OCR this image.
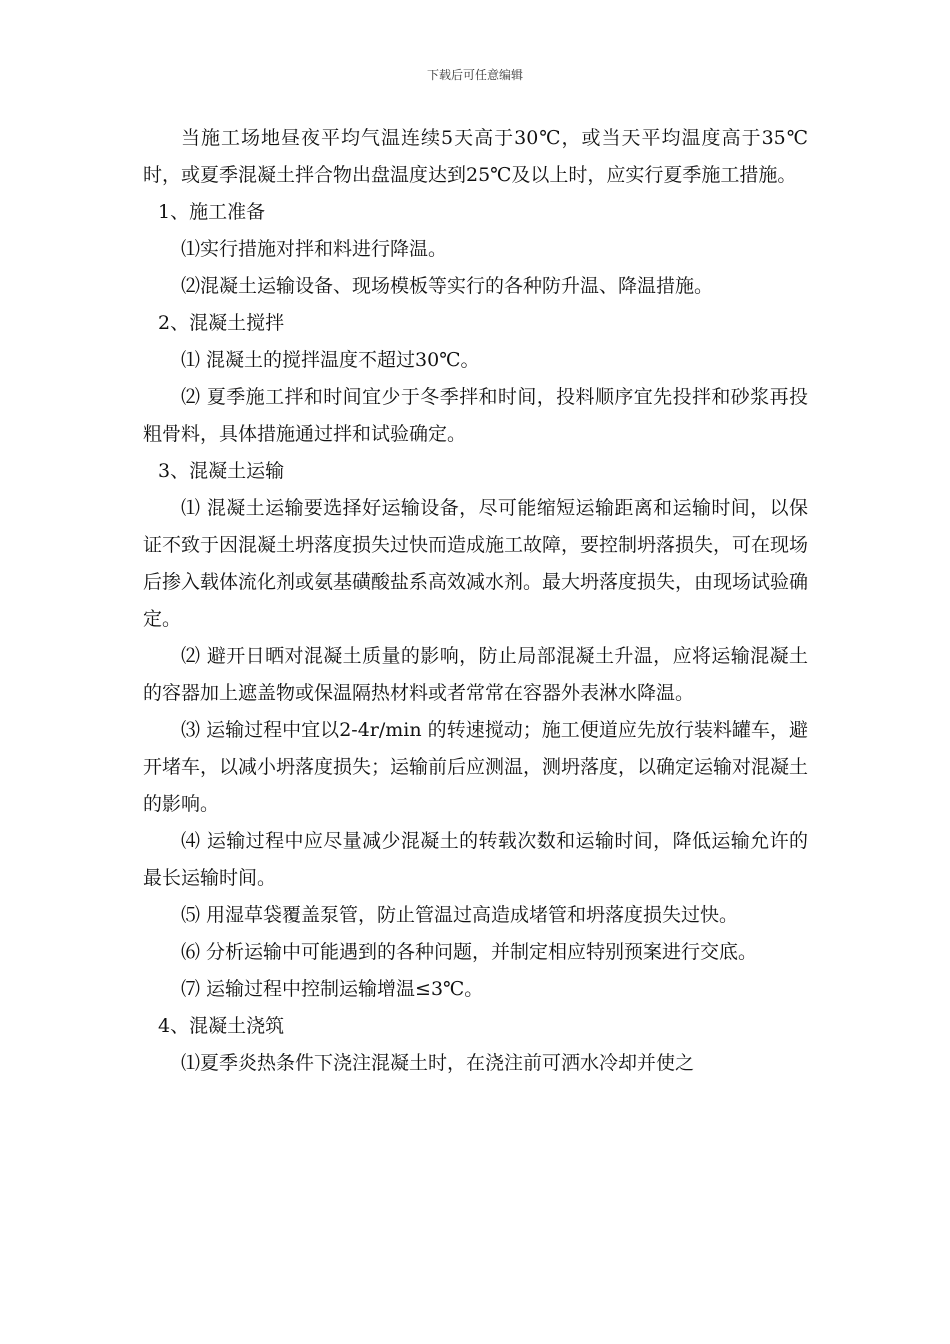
下载后可任意编辑

当施工场地昼夜平均气温连续5天高于30℃，或当天平均温度高于35℃时，或夏季混凝土拌合物出盘温度达到25℃及以上时，应实行夏季施工措施。

1、施工准备

⑴实行措施对拌和料进行降温。

⑵混凝土运输设备、现场模板等实行的各种防升温、降温措施。

2、混凝土搅拌

⑴ 混凝土的搅拌温度不超过30℃。

⑵ 夏季施工拌和时间宜少于冬季拌和时间，投料顺序宜先投拌和砂浆再投粗骨料，具体措施通过拌和试验确定。

3、混凝土运输

⑴ 混凝土运输要选择好运输设备，尽可能缩短运输距离和运输时间，以保证不致于因混凝土坍落度损失过快而造成施工故障，要控制坍落损失，可在现场后掺入载体流化剂或氨基磺酸盐系高效减水剂。最大坍落度损失，由现场试验确定。

⑵ 避开日晒对混凝土质量的影响，防止局部混凝土升温，应将运输混凝土的容器加上遮盖物或保温隔热材料或者常常在容器外表淋水降温。

⑶ 运输过程中宜以2-4r/min 的转速搅动；施工便道应先放行装料罐车，避开堵车，以减小坍落度损失；运输前后应测温，测坍落度，以确定运输对混凝土的影响。

⑷ 运输过程中应尽量减少混凝土的转载次数和运输时间，降低运输允许的最长运输时间。

⑸ 用湿草袋覆盖泵管，防止管温过高造成堵管和坍落度损失过快。

⑹ 分析运输中可能遇到的各种问题，并制定相应特别预案进行交底。

⑺ 运输过程中控制运输增温≤3℃。

4、混凝土浇筑

⑴夏季炎热条件下浇注混凝土时，在浇注前可洒水冷却并使之
